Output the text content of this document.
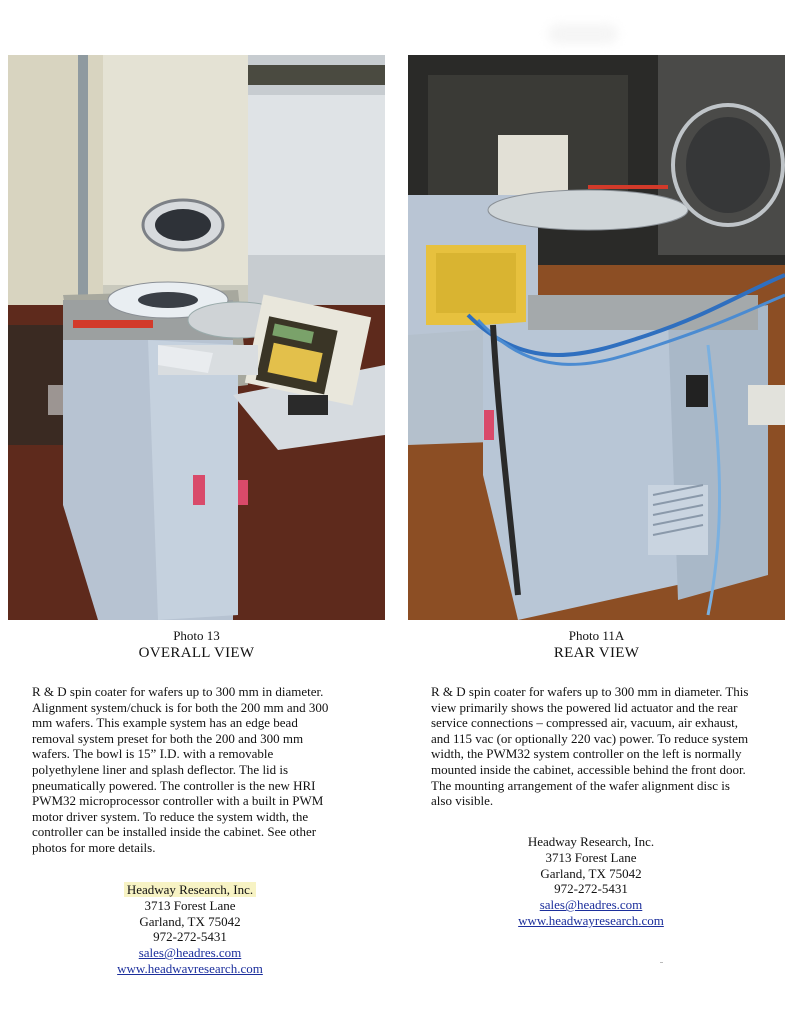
Photo 13
OVERALL VIEW
R & D spin coater for wafers up to 300 mm in diameter. Alignment system/chuck is for both the 200 mm and 300 mm wafers. This example system has an edge bead removal system preset for both the 200 and 300 mm wafers. The bowl is 15” I.D. with a removable polyethylene liner and splash deflector. The lid is pneumatically powered. The controller is the new HRI PWM32 microprocessor controller with a built in PWM motor driver system. To reduce the system width, the controller can be installed inside the cabinet. See other photos for more details.
Headway Research, Inc.
3713 Forest Lane
Garland, TX 75042
972-272-5431
sales@headres.com
www.headwavresearch.com
Photo 11A
REAR VIEW
R & D spin coater for wafers up to 300 mm in diameter. This view primarily shows the powered lid actuator and the rear service connections – compressed air, vacuum, air exhaust, and 115 vac (or optionally 220 vac) power. To reduce system width, the PWM32 system controller on the left is normally mounted inside the cabinet, accessible behind the front door. The mounting arrangement of the wafer alignment disc is also visible.
Headway Research, Inc.
3713 Forest Lane
Garland, TX 75042
972-272-5431
sales@headres.com
www.headwayresearch.com
